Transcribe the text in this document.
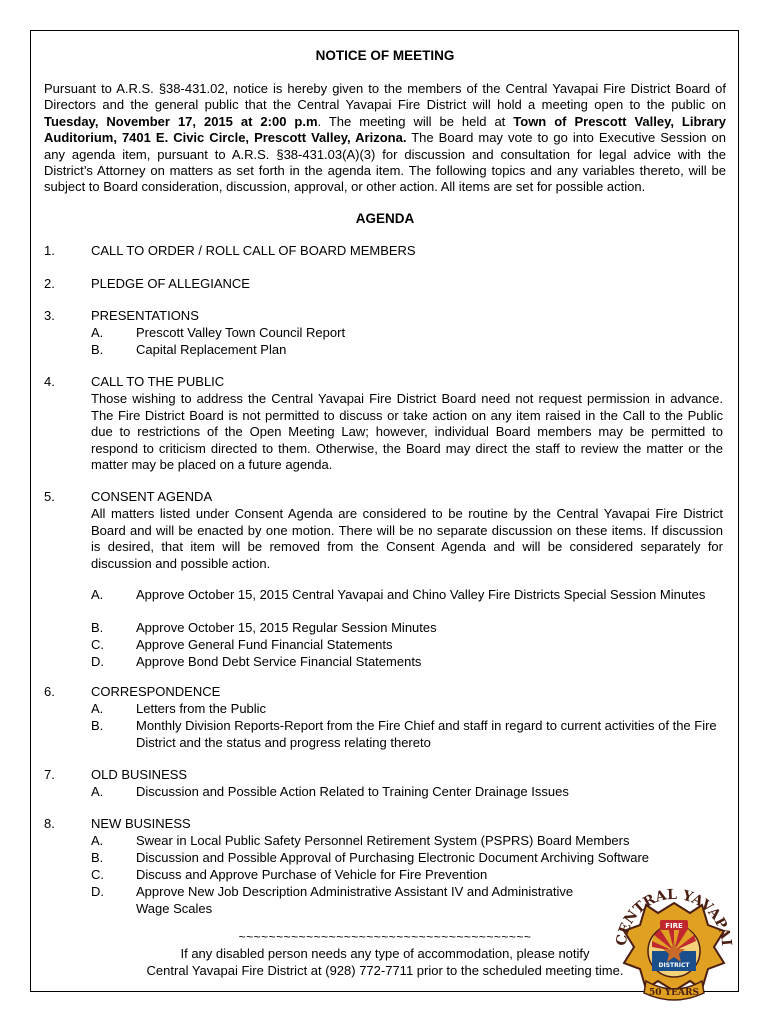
NOTICE OF MEETING
Pursuant to A.R.S. §38-431.02, notice is hereby given to the members of the Central Yavapai Fire District Board of Directors and the general public that the Central Yavapai Fire District will hold a meeting open to the public on Tuesday, November 17, 2015 at 2:00 p.m. The meeting will be held at Town of Prescott Valley, Library Auditorium, 7401 E. Civic Circle, Prescott Valley, Arizona. The Board may vote to go into Executive Session on any agenda item, pursuant to A.R.S. §38-431.03(A)(3) for discussion and consultation for legal advice with the District’s Attorney on matters as set forth in the agenda item. The following topics and any variables thereto, will be subject to Board consideration, discussion, approval, or other action. All items are set for possible action.
AGENDA
1.	CALL TO ORDER / ROLL CALL OF BOARD MEMBERS
2.	PLEDGE OF ALLEGIANCE
3.	PRESENTATIONS
A.	Prescott Valley Town Council Report
B.	Capital Replacement Plan
4.	CALL TO THE PUBLIC
Those wishing to address the Central Yavapai Fire District Board need not request permission in advance. The Fire District Board is not permitted to discuss or take action on any item raised in the Call to the Public due to restrictions of the Open Meeting Law; however, individual Board members may be permitted to respond to criticism directed to them. Otherwise, the Board may direct the staff to review the matter or the matter may be placed on a future agenda.
5.	CONSENT AGENDA
All matters listed under Consent Agenda are considered to be routine by the Central Yavapai Fire District Board and will be enacted by one motion. There will be no separate discussion on these items. If discussion is desired, that item will be removed from the Consent Agenda and will be considered separately for discussion and possible action.
A.	Approve October 15, 2015 Central Yavapai and Chino Valley Fire Districts Special Session Minutes
B.	Approve October 15, 2015 Regular Session Minutes
C. Approve General Fund Financial Statements
D. Approve Bond Debt Service Financial Statements
6.	CORRESPONDENCE
A.	Letters from the Public
B.	Monthly Division Reports-Report from the Fire Chief and staff in regard to current activities of the Fire District and the status and progress relating thereto
7.	OLD BUSINESS
A.	Discussion and Possible Action Related to Training Center Drainage Issues
8.	NEW BUSINESS
A.	Swear in Local Public Safety Personnel Retirement System (PSPRS) Board Members
B.	Discussion and Possible Approval of Purchasing Electronic Document Archiving Software
C. Discuss and Approve Purchase of Vehicle for Fire Prevention
D. Approve New Job Description Administrative Assistant IV and Administrative Wage Scales
~~~~~~~~~~~~~~~~~~~~~~~~~~~~~~~~~~~~~~~
If any disabled person needs any type of accommodation, please notify
Central Yavapai Fire District at (928) 772-7711 prior to the scheduled meeting time.
CENTRAL YAVAPAI
FIRE
DISTRICT
50 YEARS
